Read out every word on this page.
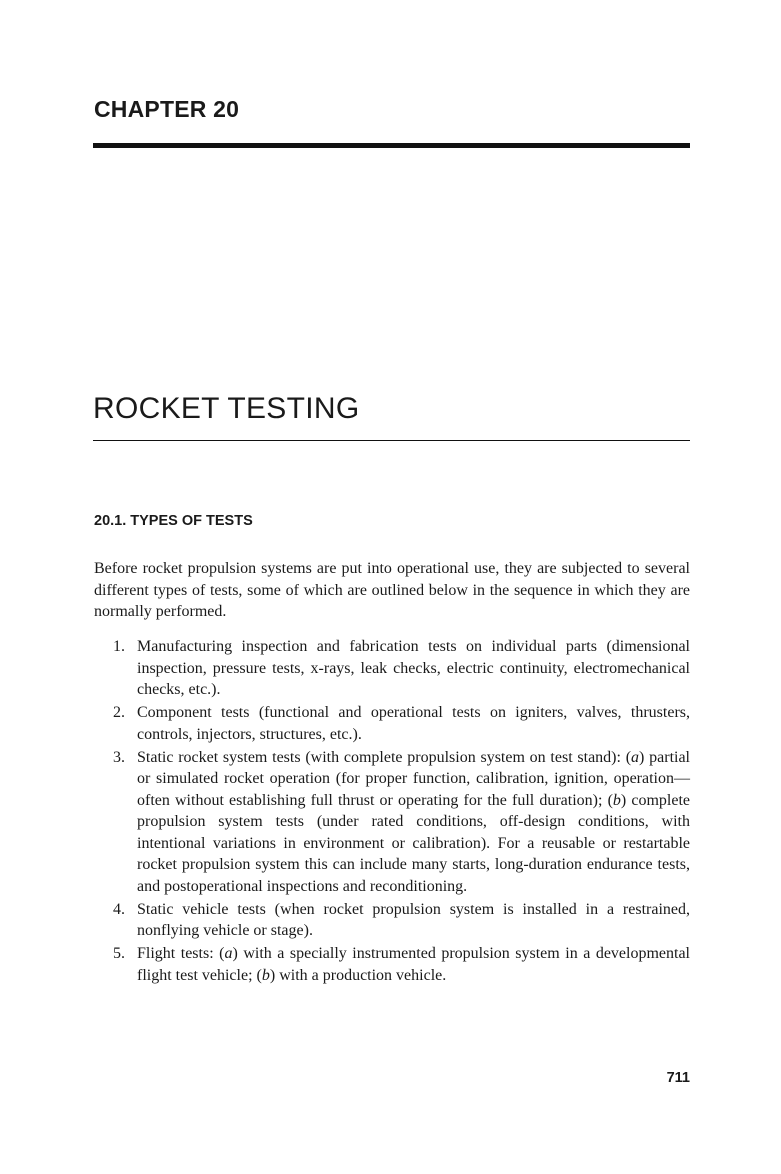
CHAPTER 20
ROCKET TESTING
20.1. TYPES OF TESTS

Before rocket propulsion systems are put into operational use, they are subjected to several different types of tests, some of which are outlined below in the sequence in which they are normally performed.

1. Manufacturing inspection and fabrication tests on individual parts (dimensional inspection, pressure tests, x-rays, leak checks, electric continuity, electromechanical checks, etc.).
2. Component tests (functional and operational tests on igniters, valves, thrusters, controls, injectors, structures, etc.).
3. Static rocket system tests (with complete propulsion system on test stand): (a) partial or simulated rocket operation (for proper function, calibration, ignition, operation—often without establishing full thrust or operating for the full duration); (b) complete propulsion system tests (under rated conditions, off-design conditions, with intentional variations in environment or calibration). For a reusable or restartable rocket propulsion system this can include many starts, long-duration endurance tests, and postoperational inspections and reconditioning.
4. Static vehicle tests (when rocket propulsion system is installed in a restrained, nonflying vehicle or stage).
5. Flight tests: (a) with a specially instrumented propulsion system in a developmental flight test vehicle; (b) with a production vehicle.
711
